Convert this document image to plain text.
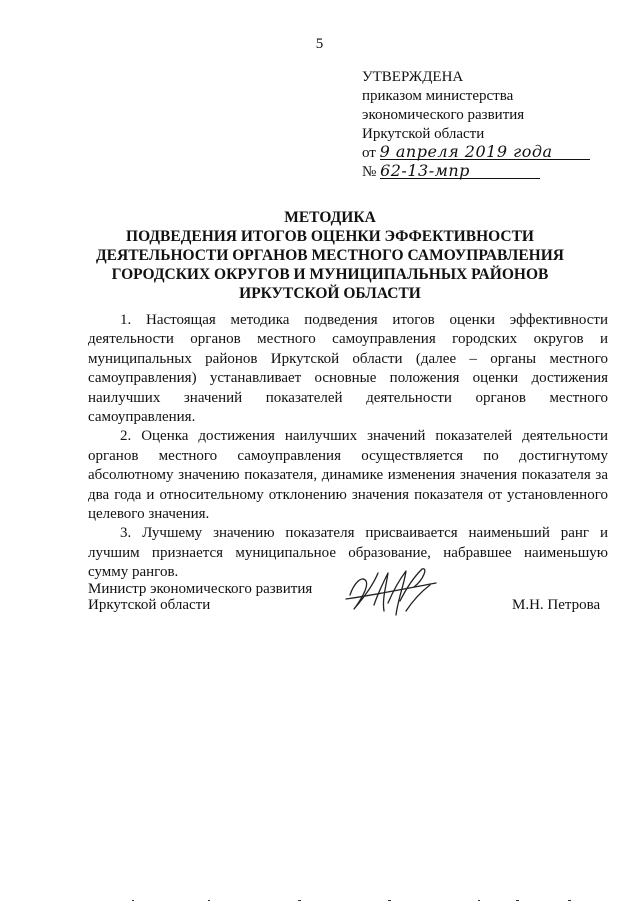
5
УТВЕРЖДЕНА
приказом министерства
экономического развития
Иркутской области
от 9 апреля 2019 года
№ 62-13-мпр
МЕТОДИКА
ПОДВЕДЕНИЯ ИТОГОВ ОЦЕНКИ ЭФФЕКТИВНОСТИ
ДЕЯТЕЛЬНОСТИ ОРГАНОВ МЕСТНОГО САМОУПРАВЛЕНИЯ
ГОРОДСКИХ ОКРУГОВ И МУНИЦИПАЛЬНЫХ РАЙОНОВ
ИРКУТСКОЙ ОБЛАСТИ

1. Настоящая методика подведения итогов оценки эффективности деятельности органов местного самоуправления городских округов и муниципальных районов Иркутской области (далее – органы местного самоуправления) устанавливает основные положения оценки достижения наилучших значений показателей деятельности органов местного самоуправления.

2. Оценка достижения наилучших значений показателей деятельности органов местного самоуправления осуществляется по достигнутому абсолютному значению показателя, динамике изменения значения показателя за два года и относительному отклонению значения показателя от установленного целевого значения.

3. Лучшему значению показателя присваивается наименьший ранг и лучшим признается муниципальное образование, набравшее наименьшую сумму рангов.

Министр экономического развития
Иркутской области	М.Н. Петрова
